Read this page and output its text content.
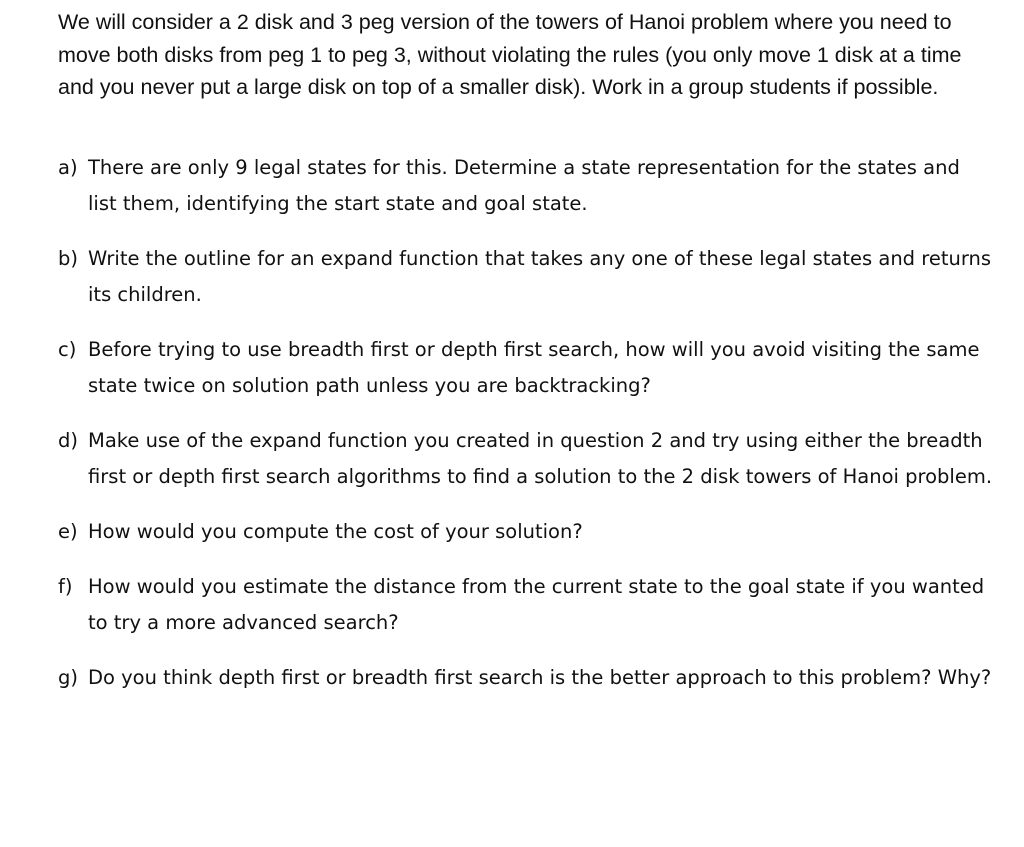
We will consider a 2 disk and 3 peg version of the towers of Hanoi problem where you need to move both disks from peg 1 to peg 3, without violating the rules (you only move 1 disk at a time and you never put a large disk on top of a smaller disk). Work in a group students if possible.

a) There are only 9 legal states for this. Determine a state representation for the states and list them, identifying the start state and goal state.
b) Write the outline for an expand function that takes any one of these legal states and returns its children.
c) Before trying to use breadth first or depth first search, how will you avoid visiting the same state twice on solution path unless you are backtracking?
d) Make use of the expand function you created in question 2 and try using either the breadth first or depth first search algorithms to find a solution to the 2 disk towers of Hanoi problem.
e) How would you compute the cost of your solution?
f) How would you estimate the distance from the current state to the goal state if you wanted to try a more advanced search?
g) Do you think depth first or breadth first search is the better approach to this problem? Why?
